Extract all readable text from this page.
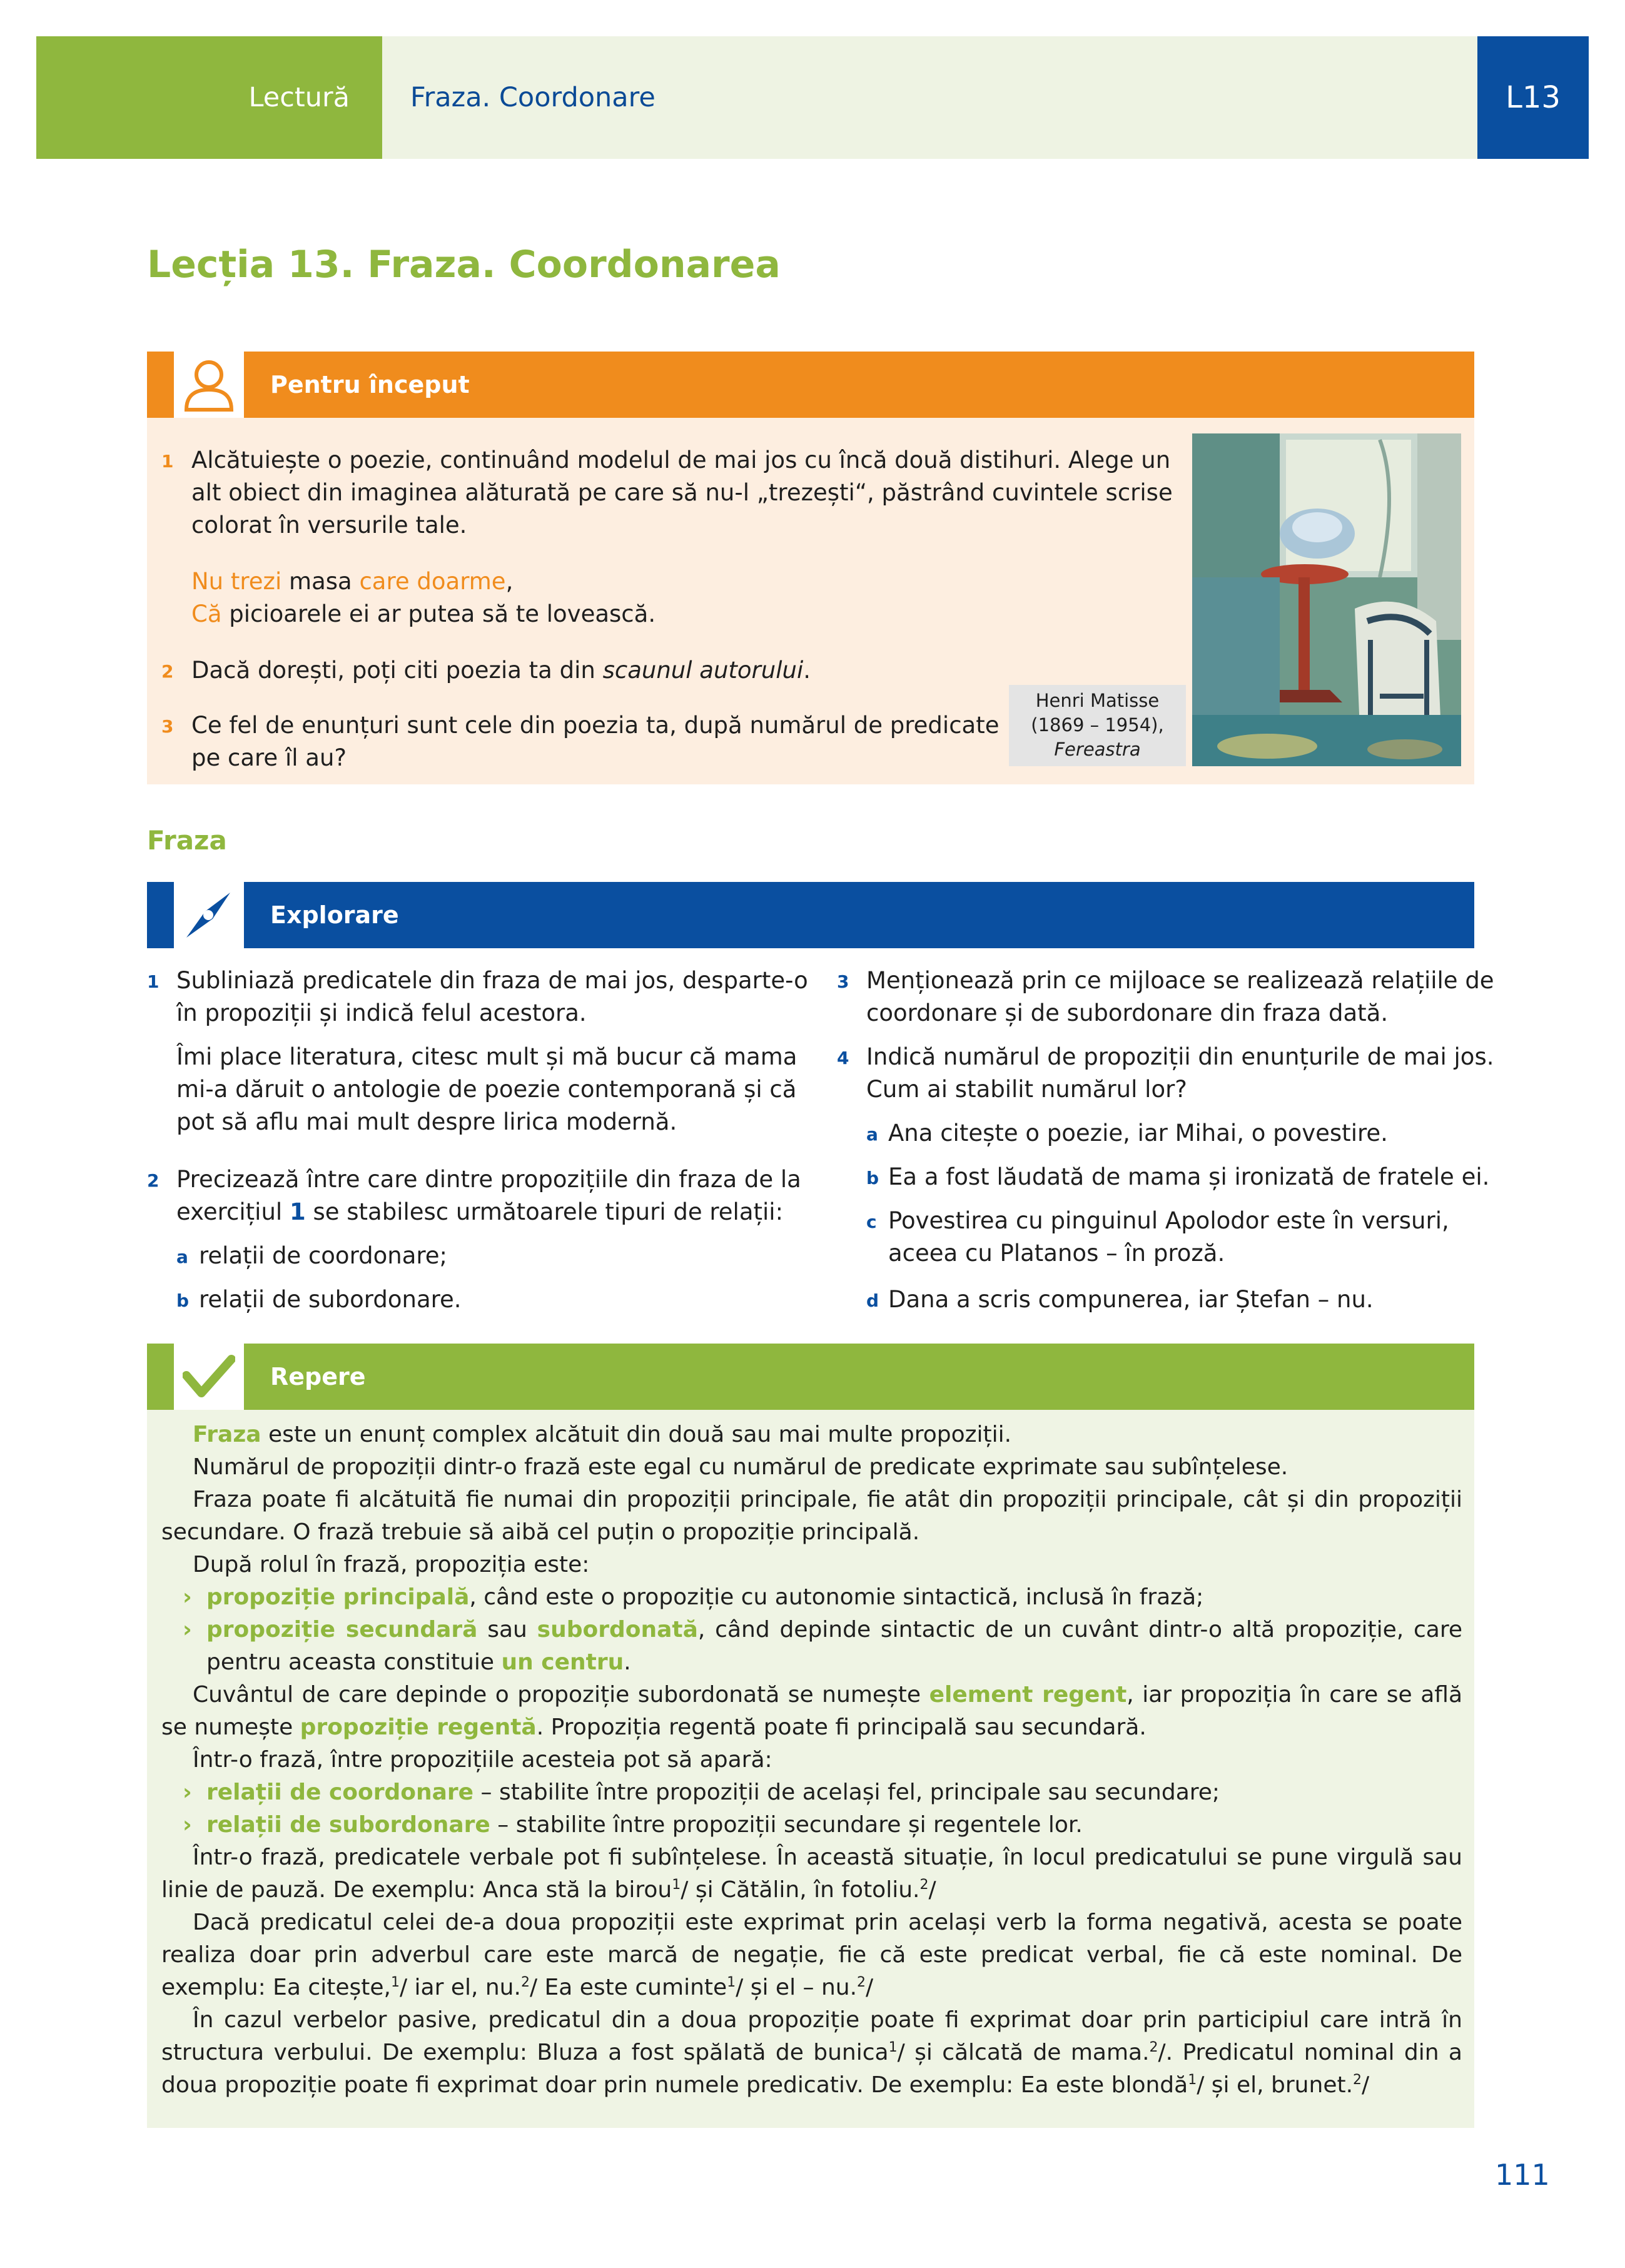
Lectură	Fraza. Coordonare	L13
Lecția 13. Fraza. Coordonarea
Pentru început
1 Alcătuiește o poezie, continuând modelul de mai jos cu încă două distihuri. Alege un
alt obiect din imaginea alăturată pe care să nu-l „trezești“, păstrând cuvintele scrise
colorat în versurile tale.
Nu trezi masa care doarme,
Că picioarele ei ar putea să te lovească.
2 Dacă dorești, poți citi poezia ta din scaunul autorului.
3 Ce fel de enunțuri sunt cele din poezia ta, după numărul de predicate
pe care îl au?
Henri Matisse
(1869 – 1954),
Fereastra
Fraza
Explorare
1 Subliniază predicatele din fraza de mai jos, desparte-o
în propoziții și indică felul acestora.
Îmi place literatura, citesc mult și mă bucur că mama
mi-a dăruit o antologie de poezie contemporană și că
pot să aflu mai mult despre lirica modernă.
2 Precizează între care dintre propozițiile din fraza de la
exercițiul 1 se stabilesc următoarele tipuri de relații:
a relații de coordonare;
b relații de subordonare.
3 Menționează prin ce mijloace se realizează relațiile de
coordonare și de subordonare din fraza dată.
4 Indică numărul de propoziții din enunțurile de mai jos.
Cum ai stabilit numărul lor?
a Ana citește o poezie, iar Mihai, o povestire.
b Ea a fost lăudată de mama și ironizată de fratele ei.
c Povestirea cu pinguinul Apolodor este în versuri,
aceea cu Platanos – în proză.
d Dana a scris compunerea, iar Ștefan – nu.
Repere

Fraza este un enunț complex alcătuit din două sau mai multe propoziții.

Numărul de propoziții dintr-o frază este egal cu numărul de predicate exprimate sau subînțelese.

Fraza poate fi alcătuită fie numai din propoziții principale, fie atât din propoziții principale, cât și din propoziții secundare. O frază trebuie să aibă cel puțin o propoziție principală.

După rolul în frază, propoziția este:

› propoziție principală, când este o propoziție cu autonomie sintactică, inclusă în frază;

› propoziție secundară sau subordonată, când depinde sintactic de un cuvânt dintr-o altă propoziție, care pentru aceasta constituie un centru.

Cuvântul de care depinde o propoziție subordonată se numește element regent, iar propoziția în care se află se numește propoziție regentă. Propoziția regentă poate fi principală sau secundară.

Într-o frază, între propozițiile acesteia pot să apară:

› relații de coordonare – stabilite între propoziții de același fel, principale sau secundare;

› relații de subordonare – stabilite între propoziții secundare și regentele lor.

Într-o frază, predicatele verbale pot fi subînțelese. În această situație, în locul predicatului se pune virgulă sau linie de pauză. De exemplu: Anca stă la birou$^1$/ și Cătălin, în fotoliu.$^2$/

Dacă predicatul celei de-a doua propoziții este exprimat prin același verb la forma negativă, acesta se poate realiza doar prin adverbul care este marcă de negație, fie că este predicat verbal, fie că este nominal. De exemplu: Ea citește,$^1$/ iar el, nu.$^2$/ Ea este cuminte$^1$/ și el – nu.$^2$/

În cazul verbelor pasive, predicatul din a doua propoziție poate fi exprimat doar prin participiul care intră în structura verbului. De exemplu: Bluza a fost spălată de bunica$^1$/ și călcată de mama.$^2$/. Predicatul nominal din a doua propoziție poate fi exprimat doar prin numele predicativ. De exemplu: Ea este blondă$^1$/ și el, brunet.$^2$/

111
